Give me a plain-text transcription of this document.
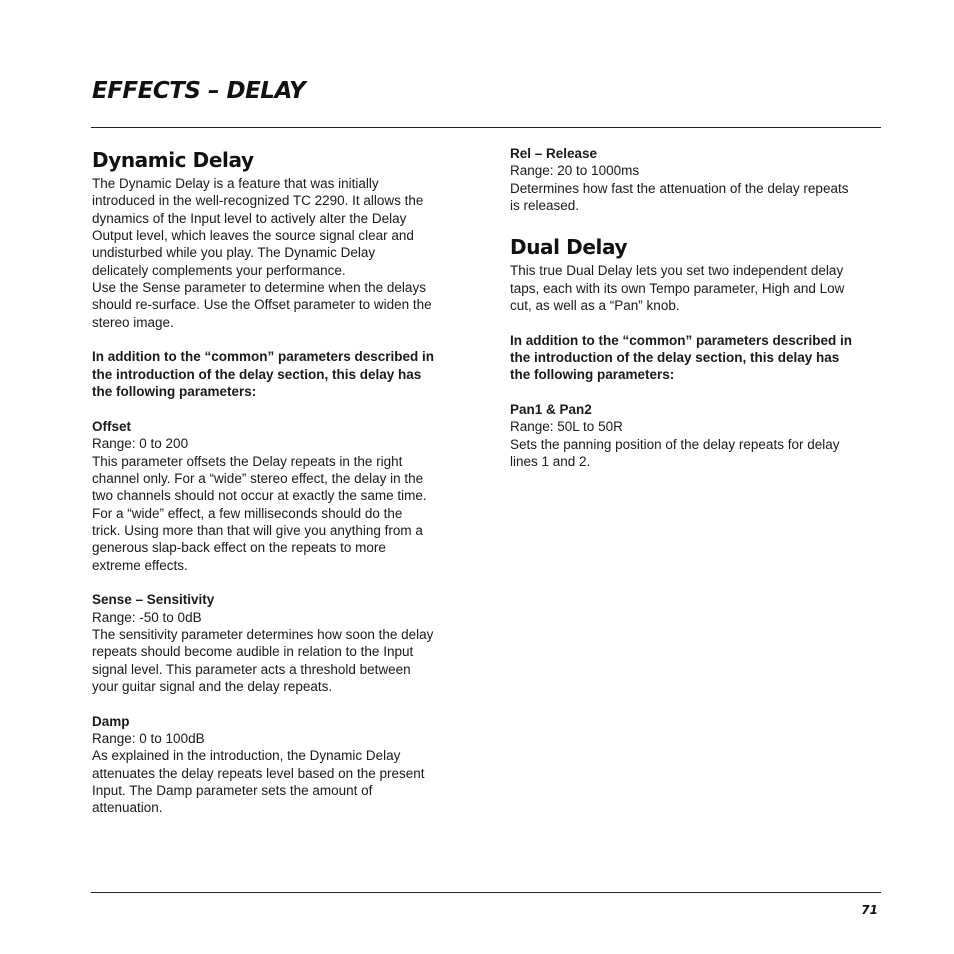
EFFECTS – DELAY
Dynamic Delay
The Dynamic Delay is a feature that was initially
introduced in the well-recognized TC 2290. It allows the
dynamics of the Input level to actively alter the Delay
Output level, which leaves the source signal clear and
undisturbed while you play. The Dynamic Delay
delicately complements your performance.
Use the Sense parameter to determine when the delays
should re-surface. Use the Offset parameter to widen the
stereo image.
In addition to the “common” parameters described in
the introduction of the delay section, this delay has
the following parameters:
Offset
Range: 0 to 200
This parameter offsets the Delay repeats in the right
channel only. For a “wide” stereo effect, the delay in the
two channels should not occur at exactly the same time.
For a “wide” effect, a few milliseconds should do the
trick. Using more than that will give you anything from a
generous slap-back effect on the repeats to more
extreme effects.
Sense – Sensitivity
Range: -50 to 0dB
The sensitivity parameter determines how soon the delay
repeats should become audible in relation to the Input
signal level. This parameter acts a threshold between
your guitar signal and the delay repeats.
Damp
Range: 0 to 100dB
As explained in the introduction, the Dynamic Delay
attenuates the delay repeats level based on the present
Input. The Damp parameter sets the amount of
attenuation.
Rel – Release
Range: 20 to 1000ms
Determines how fast the attenuation of the delay repeats
is released.
Dual Delay
This true Dual Delay lets you set two independent delay
taps, each with its own Tempo parameter, High and Low
cut, as well as a “Pan” knob.
In addition to the “common” parameters described in
the introduction of the delay section, this delay has
the following parameters:
Pan1 & Pan2
Range: 50L to 50R
Sets the panning position of the delay repeats for delay
lines 1 and 2.
71
